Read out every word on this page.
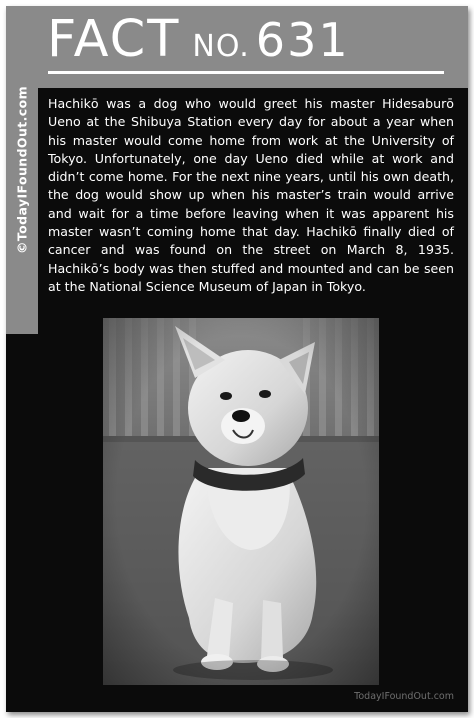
©TodayIFoundOut.com
FACT NO. 631

Hachikō was a dog who would greet his master Hidesaburō Ueno at the Shibuya Station every day for about a year when his master would come home from work at the University of Tokyo. Unfortunately, one day Ueno died while at work and didn’t come home. For the next nine years, until his own death, the dog would show up when his master’s train would arrive and wait for a time before leaving when it was apparent his master wasn’t coming home that day. Hachikō finally died of cancer and was found on the street on March 8, 1935. Hachikō’s body was then stuffed and mounted and can be seen at the National Science Museum of Japan in Tokyo.

TodayIFoundOut.com
